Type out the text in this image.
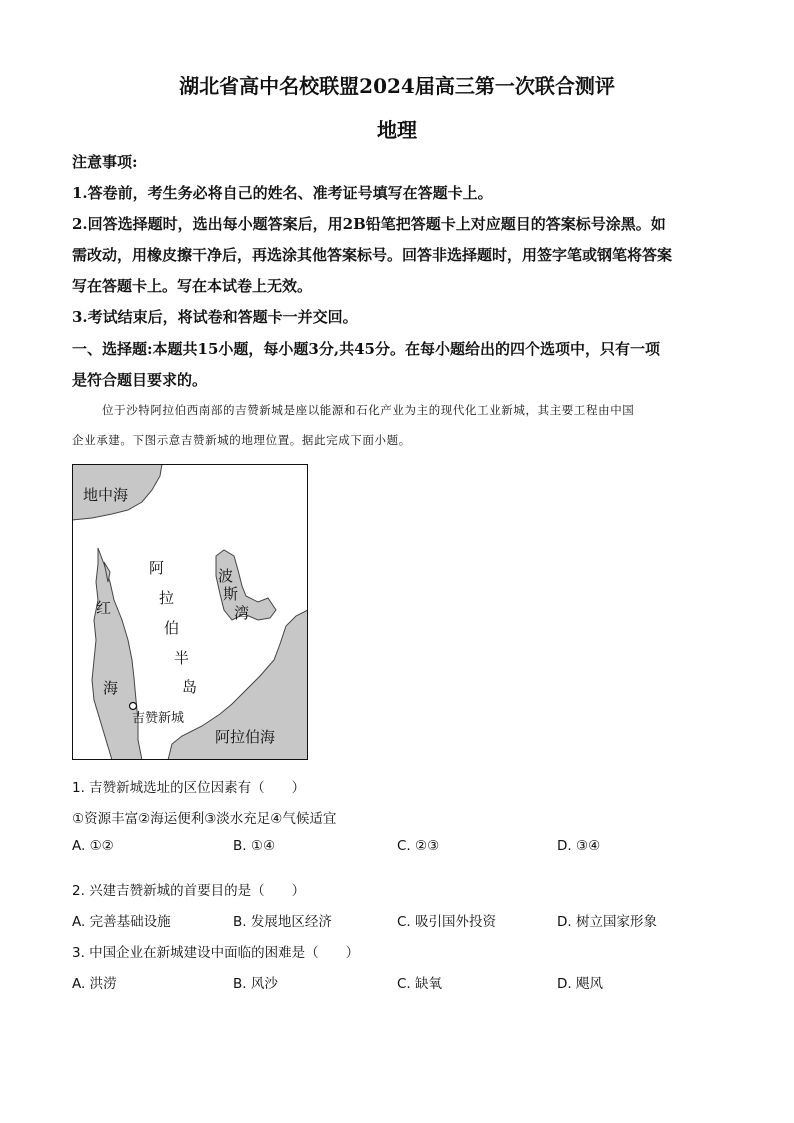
湖北省高中名校联盟2024届高三第一次联合测评
地理
注意事项:
1.答卷前，考生务必将自己的姓名、准考证号填写在答题卡上。
2.回答选择题时，选出每小题答案后，用2B铅笔把答题卡上对应题目的答案标号涂黑。如
需改动，用橡皮擦干净后，再选涂其他答案标号。回答非选择题时，用签字笔或钢笔将答案
写在答题卡上。写在本试卷上无效。
3.考试结束后，将试卷和答题卡一并交回。
一、选择题:本题共15小题，每小题3分,共45分。在每小题给出的四个选项中，只有一项
是符合题目要求的。
位于沙特阿拉伯西南部的吉赞新城是座以能源和石化产业为主的现代化工业新城，其主要工程由中国
企业承建。下图示意吉赞新城的地理位置。据此完成下面小题。
地中海
阿
拉
伯
半
岛
红
海
波
斯
湾
吉赞新城
阿拉伯海
1. 吉赞新城选址的区位因素有（　　）
①资源丰富②海运便利③淡水充足④气候适宜
A. ①②	B. ①④	C. ②③	D. ③④
2. 兴建吉赞新城的首要目的是（　　）
A. 完善基础设施	B. 发展地区经济	C. 吸引国外投资	D. 树立国家形象
3. 中国企业在新城建设中面临的困难是（　　）
A. 洪涝	B. 风沙	C. 缺氧	D. 飓风
